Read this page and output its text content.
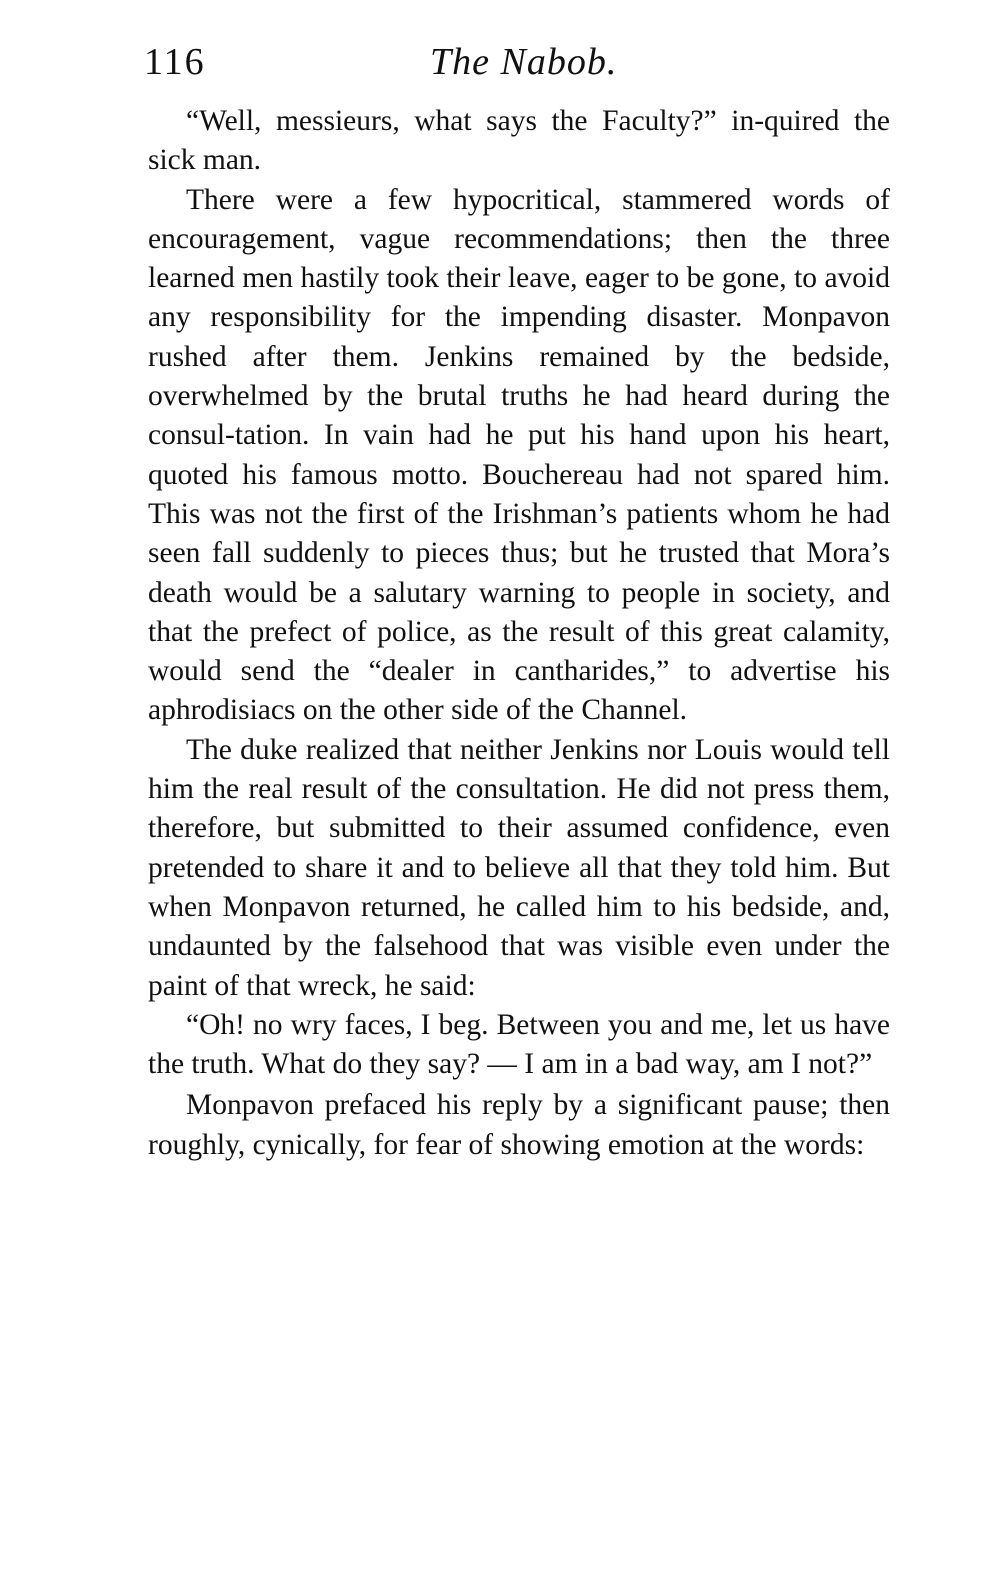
116	The Nabob.

“Well, messieurs, what says the Faculty?” in-quired the sick man.

There were a few hypocritical, stammered words of encouragement, vague recommendations; then the three learned men hastily took their leave, eager to be gone, to avoid any responsibility for the impending disaster. Monpavon rushed after them. Jenkins remained by the bedside, overwhelmed by the brutal truths he had heard during the consul-tation. In vain had he put his hand upon his heart, quoted his famous motto. Bouchereau had not spared him. This was not the first of the Irishman’s patients whom he had seen fall suddenly to pieces thus; but he trusted that Mora’s death would be a salutary warning to people in society, and that the prefect of police, as the result of this great calamity, would send the “dealer in cantharides,” to advertise his aphrodisiacs on the other side of the Channel.

The duke realized that neither Jenkins nor Louis would tell him the real result of the consultation. He did not press them, therefore, but submitted to their assumed confidence, even pretended to share it and to believe all that they told him. But when Monpavon returned, he called him to his bedside, and, undaunted by the falsehood that was visible even under the paint of that wreck, he said:

“Oh! no wry faces, I beg. Between you and me, let us have the truth. What do they say? — I am in a bad way, am I not?”

Monpavon prefaced his reply by a significant pause; then roughly, cynically, for fear of showing emotion at the words:
